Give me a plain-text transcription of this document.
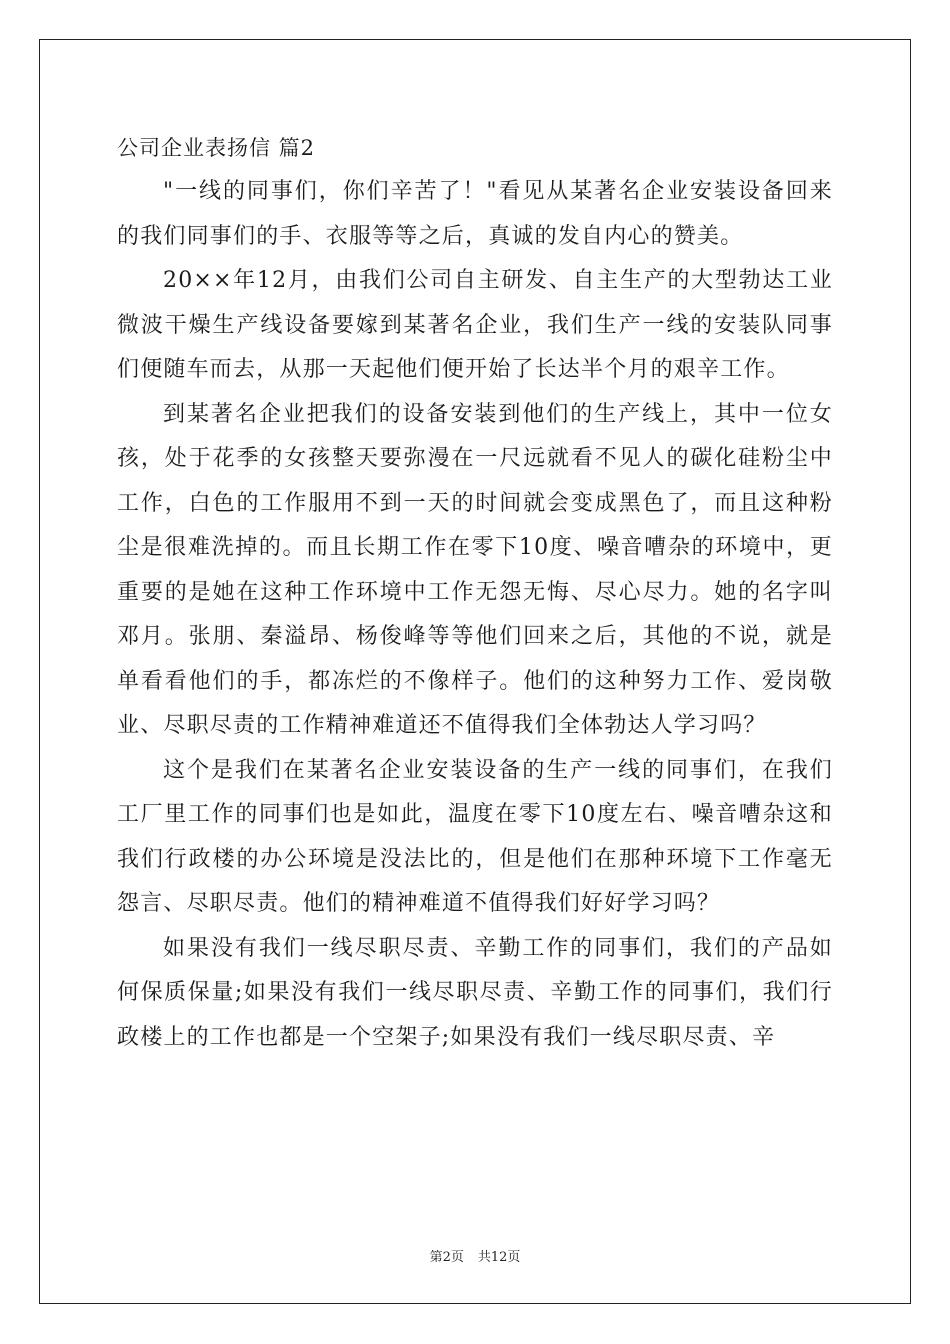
公司企业表扬信 篇2

"一线的同事们，你们辛苦了！"看见从某著名企业安装设备回来的我们同事们的手、衣服等等之后，真诚的发自内心的赞美。

20××年12月，由我们公司自主研发、自主生产的大型勃达工业微波干燥生产线设备要嫁到某著名企业，我们生产一线的安装队同事们便随车而去，从那一天起他们便开始了长达半个月的艰辛工作。

到某著名企业把我们的设备安装到他们的生产线上，其中一位女孩，处于花季的女孩整天要弥漫在一尺远就看不见人的碳化硅粉尘中工作，白色的工作服用不到一天的时间就会变成黑色了，而且这种粉尘是很难洗掉的。而且长期工作在零下10度、噪音嘈杂的环境中，更重要的是她在这种工作环境中工作无怨无悔、尽心尽力。她的名字叫邓月。张朋、秦溢昂、杨俊峰等等他们回来之后，其他的不说，就是单看看他们的手，都冻烂的不像样子。他们的这种努力工作、爱岗敬业、尽职尽责的工作精神难道还不值得我们全体勃达人学习吗？

这个是我们在某著名企业安装设备的生产一线的同事们，在我们工厂里工作的同事们也是如此，温度在零下10度左右、噪音嘈杂这和我们行政楼的办公环境是没法比的，但是他们在那种环境下工作毫无怨言、尽职尽责。他们的精神难道不值得我们好好学习吗？

如果没有我们一线尽职尽责、辛勤工作的同事们，我们的产品如何保质保量;如果没有我们一线尽职尽责、辛勤工作的同事们，我们行政楼上的工作也都是一个空架子;如果没有我们一线尽职尽责、辛

第2页 共12页
